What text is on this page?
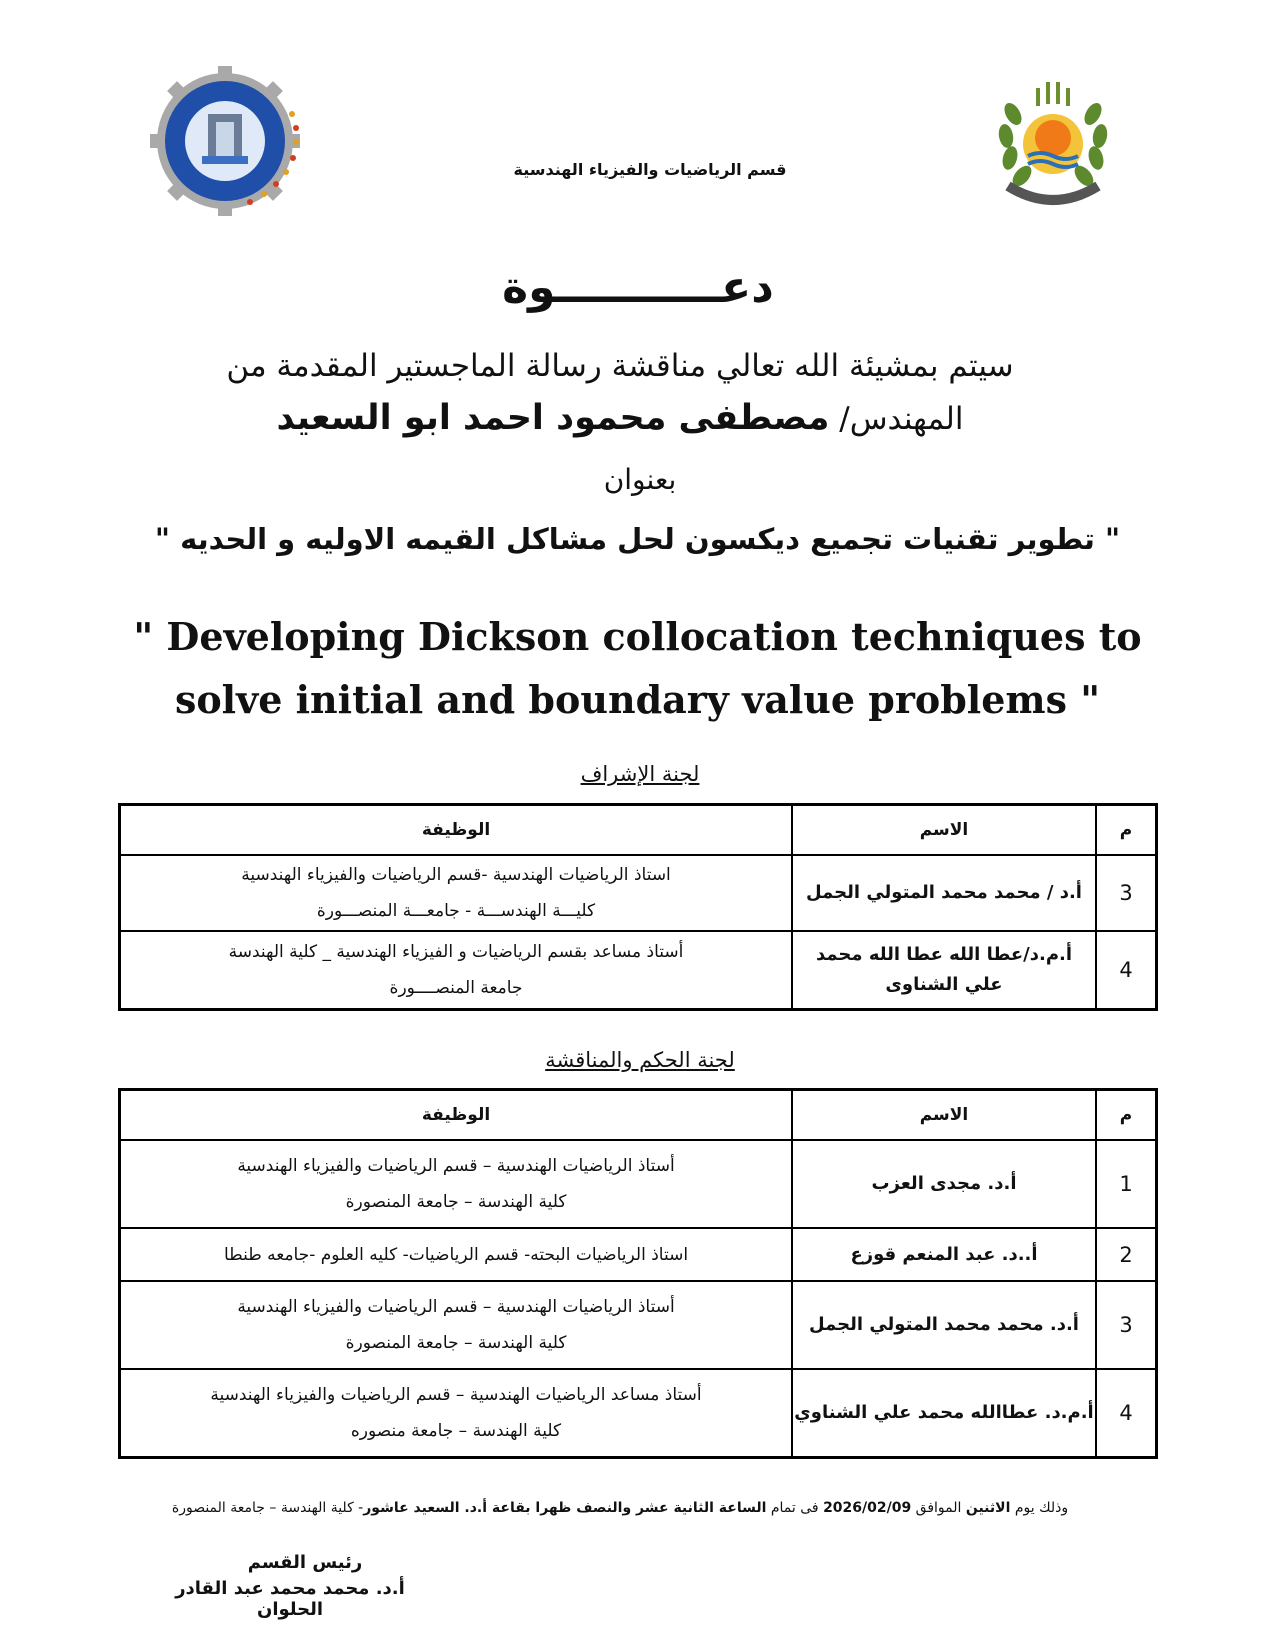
قسم الرياضيات والفيزياء الهندسية
دعـــــــــــوة
سيتم بمشيئة الله تعالي مناقشة رسالة الماجستير المقدمة من
المهندس/ مصطفى محمود احمد ابو السعيد
بعنوان
" تطوير تقنيات تجميع ديكسون لحل مشاكل القيمه الاوليه و الحديه "
" Developing Dickson collocation techniques to
solve initial and boundary value problems "
لجنة الإشراف
م	الاسم	الوظيفة
3	أ.د / محمد محمد المتولي الجمل	استاذ الرياضيات الهندسية -قسم الرياضيات والفيزياء الهندسية
كليـــة الهندســـة - جامعـــة المنصـــورة

4	أ.م.د/عطا الله عطا الله محمد علي الشناوى	أستاذ مساعد بقسم الرياضيات و الفيزياء الهندسية _ كلية الهندسة
جامعة المنصــــورة
لجنة الحكم والمناقشة
م	الاسم	الوظيفة
1	أ.د. مجدى العزب	أستاذ الرياضيات الهندسية – قسم الرياضيات والفيزياء الهندسية
كلية الهندسة – جامعة المنصورة

2	أ..د. عبد المنعم قوزع	استاذ الرياضيات البحته- قسم الرياضيات- كليه العلوم -جامعه طنطا

3	أ.د. محمد محمد المتولي الجمل	أستاذ الرياضيات الهندسية – قسم الرياضيات والفيزياء الهندسية
كلية الهندسة – جامعة المنصورة

4	أ.م.د. عطاالله محمد علي الشناوي	أستاذ مساعد الرياضيات الهندسية – قسم الرياضيات والفيزياء الهندسية
كلية الهندسة – جامعة منصوره
وذلك يوم الاثنين الموافق 2026/02/09 فى تمام الساعة الثانية عشر والنصف ظهرا بقاعة أ.د. السعيد عاشور- كلية الهندسة – جامعة المنصورة
رئيس القسم
أ.د. محمد محمد عبد القادر الحلوان
